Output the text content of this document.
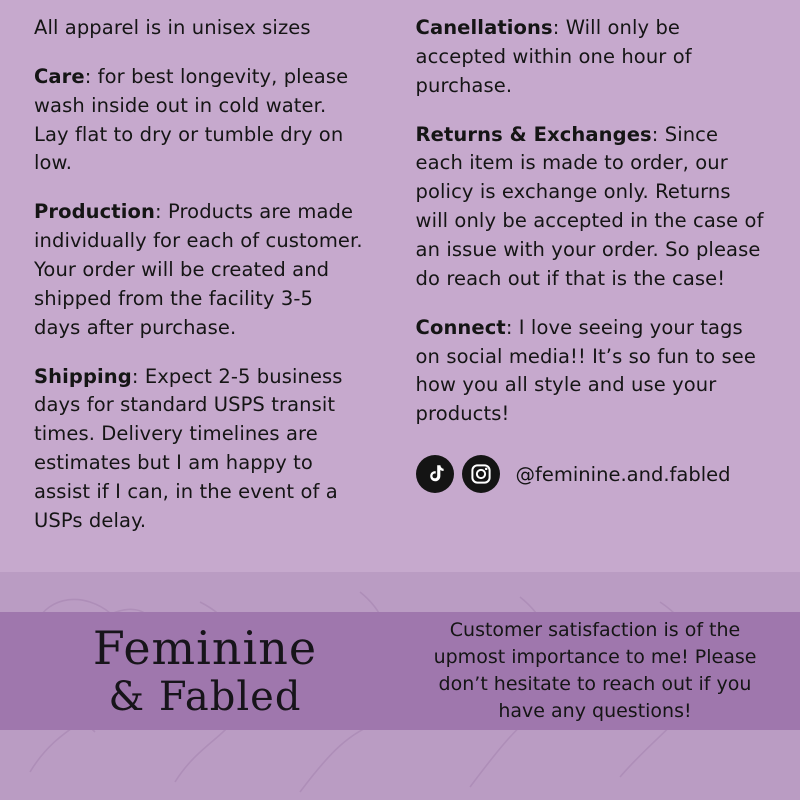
All apparel is in unisex sizes

Care: for best longevity, please wash inside out in cold water. Lay flat to dry or tumble dry on low.

Production: Products are made individually for each of customer. Your order will be created and shipped from the facility 3-5 days after purchase.

Shipping: Expect 2-5 business days for standard USPS transit times. Delivery timelines are estimates but I am happy to assist if I can, in the event of a USPs delay.

Canellations: Will only be accepted within one hour of purchase.

Returns & Exchanges: Since each item is made to order, our policy is exchange only. Returns will only be accepted in the case of an issue with your order. So please do reach out if that is the case!

Connect: I love seeing your tags on social media!! It’s so fun to see how you all style and use your products!

@feminine.and.fabled
Feminine
& Fabled
Customer satisfaction is of the upmost importance to me! Please don’t hesitate to reach out if you have any questions!
